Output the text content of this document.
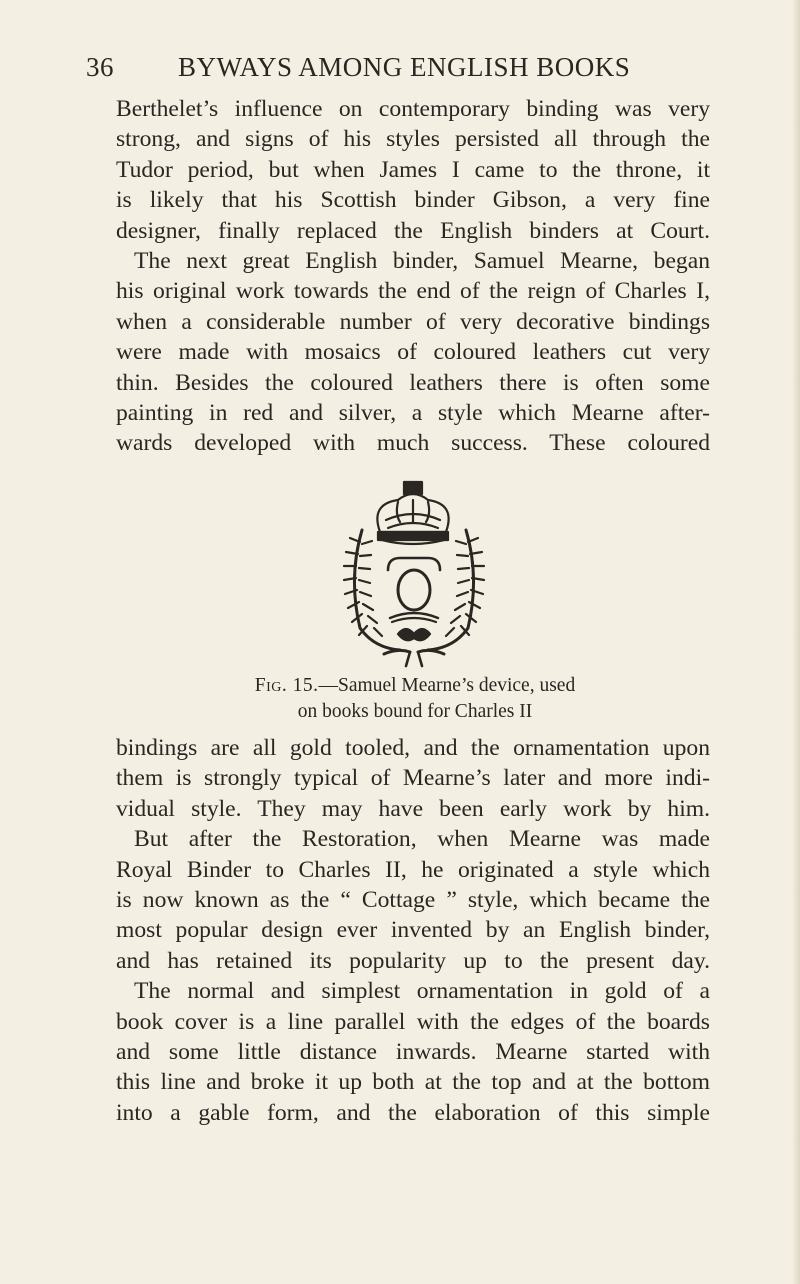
36 BYWAYS AMONG ENGLISH BOOKS
Berthelet’s influence on contemporary binding was very
strong, and signs of his styles persisted all through the
Tudor period, but when James I came to the throne, it
is likely that his Scottish binder Gibson, a very fine
designer, finally replaced the English binders at Court.
The next great English binder, Samuel Mearne, began
his original work towards the end of the reign of Charles I,
when a considerable number of very decorative bindings
were made with mosaics of coloured leathers cut very
thin. Besides the coloured leathers there is often some
painting in red and silver, a style which Mearne after-
wards developed with much success. These coloured
Fig. 15.—Samuel Mearne’s device, used
on books bound for Charles II
bindings are all gold tooled, and the ornamentation upon
them is strongly typical of Mearne’s later and more indi-
vidual style. They may have been early work by him.
But after the Restoration, when Mearne was made
Royal Binder to Charles II, he originated a style which
is now known as the “ Cottage ” style, which became the
most popular design ever invented by an English binder,
and has retained its popularity up to the present day.
The normal and simplest ornamentation in gold of a
book cover is a line parallel with the edges of the boards
and some little distance inwards. Mearne started with
this line and broke it up both at the top and at the bottom
into a gable form, and the elaboration of this simple
